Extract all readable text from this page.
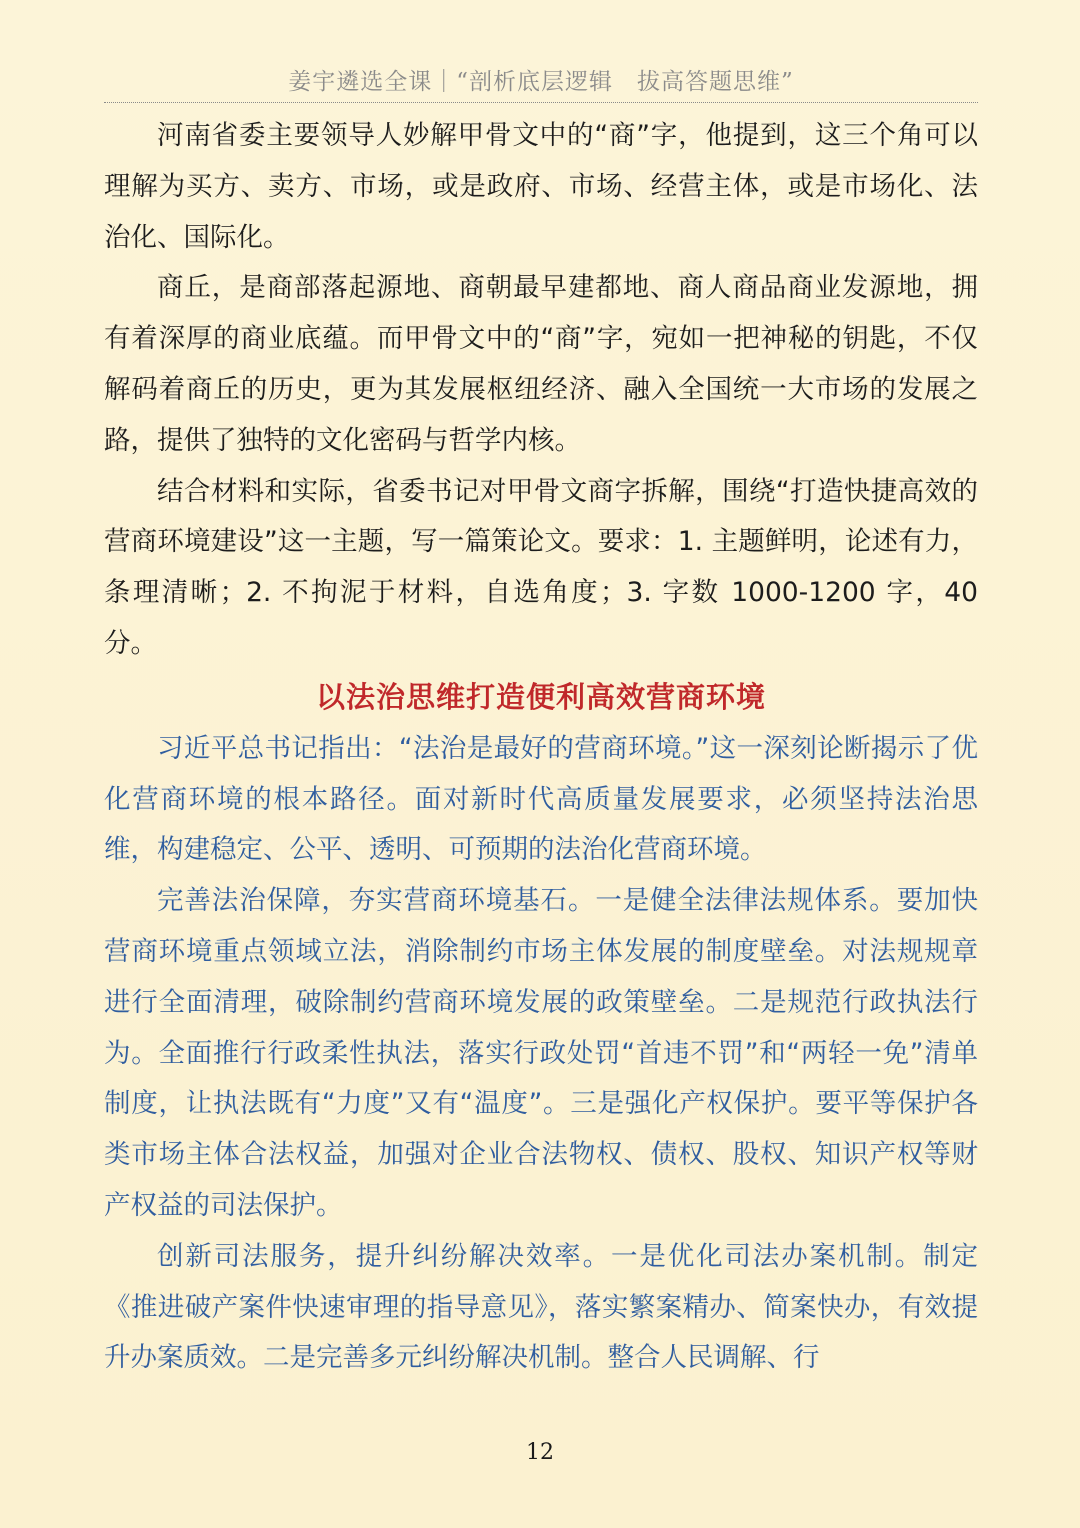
姜宇遴选全课｜“剖析底层逻辑　拔高答题思维”

河南省委主要领导人妙解甲骨文中的“商”字，他提到，这三个角可以理解为买方、卖方、市场，或是政府、市场、经营主体，或是市场化、法治化、国际化。

商丘，是商部落起源地、商朝最早建都地、商人商品商业发源地，拥有着深厚的商业底蕴。而甲骨文中的“商”字，宛如一把神秘的钥匙，不仅解码着商丘的历史，更为其发展枢纽经济、融入全国统一大市场的发展之路，提供了独特的文化密码与哲学内核。

结合材料和实际，省委书记对甲骨文商字拆解，围绕“打造快捷高效的营商环境建设”这一主题，写一篇策论文。要求：1. 主题鲜明，论述有力，条理清晰；2. 不拘泥于材料，自选角度；3. 字数 1000-1200 字，40 分。

以法治思维打造便利高效营商环境

习近平总书记指出：“法治是最好的营商环境。”这一深刻论断揭示了优化营商环境的根本路径。面对新时代高质量发展要求，必须坚持法治思维，构建稳定、公平、透明、可预期的法治化营商环境。

完善法治保障，夯实营商环境基石。一是健全法律法规体系。要加快营商环境重点领域立法，消除制约市场主体发展的制度壁垒。对法规规章进行全面清理，破除制约营商环境发展的政策壁垒。二是规范行政执法行为。全面推行行政柔性执法，落实行政处罚“首违不罚”和“两轻一免”清单制度，让执法既有“力度”又有“温度”。三是强化产权保护。要平等保护各类市场主体合法权益，加强对企业合法物权、债权、股权、知识产权等财产权益的司法保护。

创新司法服务，提升纠纷解决效率。一是优化司法办案机制。制定《推进破产案件快速审理的指导意见》，落实繁案精办、简案快办，有效提升办案质效。二是完善多元纠纷解决机制。整合人民调解、行

12
